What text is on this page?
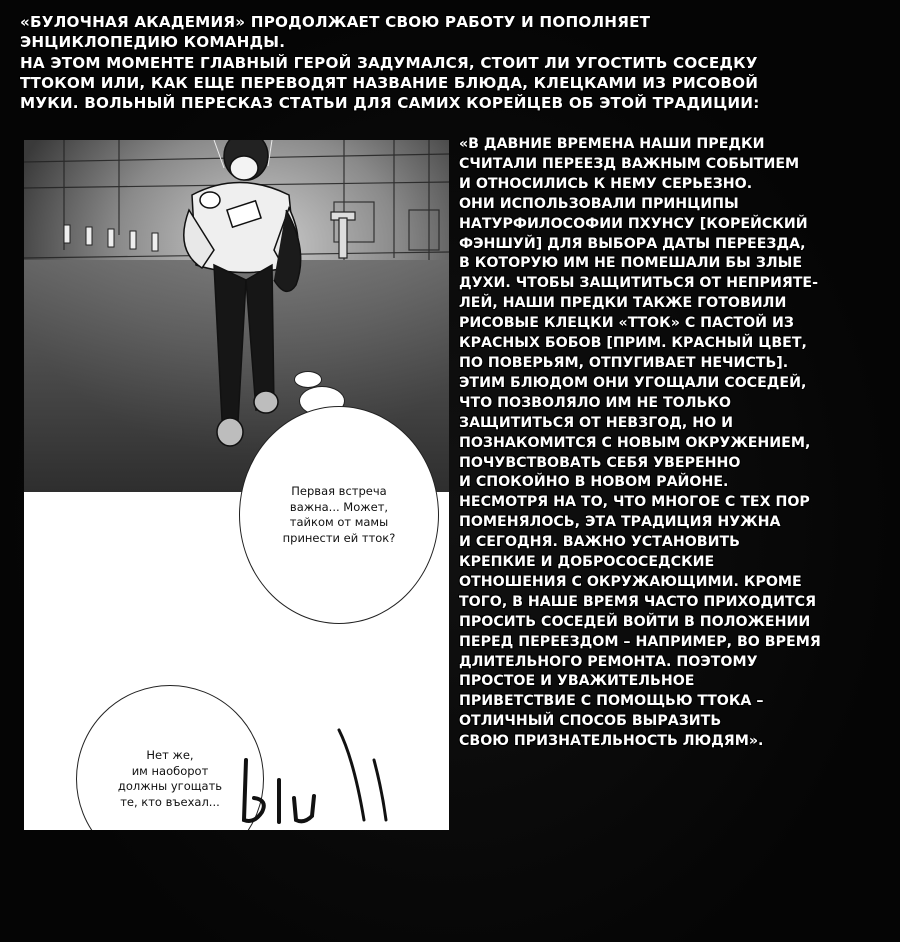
«БУЛОЧНАЯ АКАДЕМИЯ» ПРОДОЛЖАЕТ СВОЮ РАБОТУ И ПОПОЛНЯЕТ
ЭНЦИКЛОПЕДИЮ КОМАНДЫ.
НА ЭТОМ МОМЕНТЕ ГЛАВНЫЙ ГЕРОЙ ЗАДУМАЛСЯ, СТОИТ ЛИ УГОСТИТЬ СОСЕДКУ
ТТОКОМ ИЛИ, КАК ЕЩЕ ПЕРЕВОДЯТ НАЗВАНИЕ БЛЮДА, КЛЕЦКАМИ ИЗ РИСОВОЙ
МУКИ. ВОЛЬНЫЙ ПЕРЕСКАЗ СТАТЬИ ДЛЯ САМИХ КОРЕЙЦЕВ ОБ ЭТОЙ ТРАДИЦИИ:
Первая встреча
важна... Может,
тайком от мамы
принести ей тток?
Нет же,
им наоборот
должны угощать
те, кто въехал...
blu
«В ДАВНИЕ ВРЕМЕНА НАШИ ПРЕДКИ
СЧИТАЛИ ПЕРЕЕЗД ВАЖНЫМ СОБЫТИЕМ
И ОТНОСИЛИСЬ К НЕМУ СЕРЬЕЗНО.
ОНИ ИСПОЛЬЗОВАЛИ ПРИНЦИПЫ
НАТУРФИЛОСОФИИ ПХУНСУ [КОРЕЙСКИЙ
ФЭНШУЙ] ДЛЯ ВЫБОРА ДАТЫ ПЕРЕЕЗДА,
В КОТОРУЮ ИМ НЕ ПОМЕШАЛИ БЫ ЗЛЫЕ
ДУХИ. ЧТОБЫ ЗАЩИТИТЬСЯ ОТ НЕПРИЯТЕ-
ЛЕЙ, НАШИ ПРЕДКИ ТАКЖЕ ГОТОВИЛИ
РИСОВЫЕ КЛЕЦКИ «ТТОК» С ПАСТОЙ ИЗ
КРАСНЫХ БОБОВ [ПРИМ. КРАСНЫЙ ЦВЕТ,
ПО ПОВЕРЬЯМ, ОТПУГИВАЕТ НЕЧИСТЬ].
ЭТИМ БЛЮДОМ ОНИ УГОЩАЛИ СОСЕДЕЙ,
ЧТО ПОЗВОЛЯЛО ИМ НЕ ТОЛЬКО
ЗАЩИТИТЬСЯ ОТ НЕВЗГОД, НО И
ПОЗНАКОМИТСЯ С НОВЫМ ОКРУЖЕНИЕМ,
ПОЧУВСТВОВАТЬ СЕБЯ УВЕРЕННО
И СПОКОЙНО В НОВОМ РАЙОНЕ.
НЕСМОТРЯ НА ТО, ЧТО МНОГОЕ С ТЕХ ПОР
ПОМЕНЯЛОСЬ, ЭТА ТРАДИЦИЯ НУЖНА
И СЕГОДНЯ. ВАЖНО УСТАНОВИТЬ
КРЕПКИЕ И ДОБРОСОСЕДСКИЕ
ОТНОШЕНИЯ С ОКРУЖАЮЩИМИ. КРОМЕ
ТОГО, В НАШЕ ВРЕМЯ ЧАСТО ПРИХОДИТСЯ
ПРОСИТЬ СОСЕДЕЙ ВОЙТИ В ПОЛОЖЕНИИ
ПЕРЕД ПЕРЕЕЗДОМ – НАПРИМЕР, ВО ВРЕМЯ
ДЛИТЕЛЬНОГО РЕМОНТА. ПОЭТОМУ
ПРОСТОЕ И УВАЖИТЕЛЬНОЕ
ПРИВЕТСТВИЕ С ПОМОЩЬЮ ТТОКА –
ОТЛИЧНЫЙ СПОСОБ ВЫРАЗИТЬ
СВОЮ ПРИЗНАТЕЛЬНОСТЬ ЛЮДЯМ».
